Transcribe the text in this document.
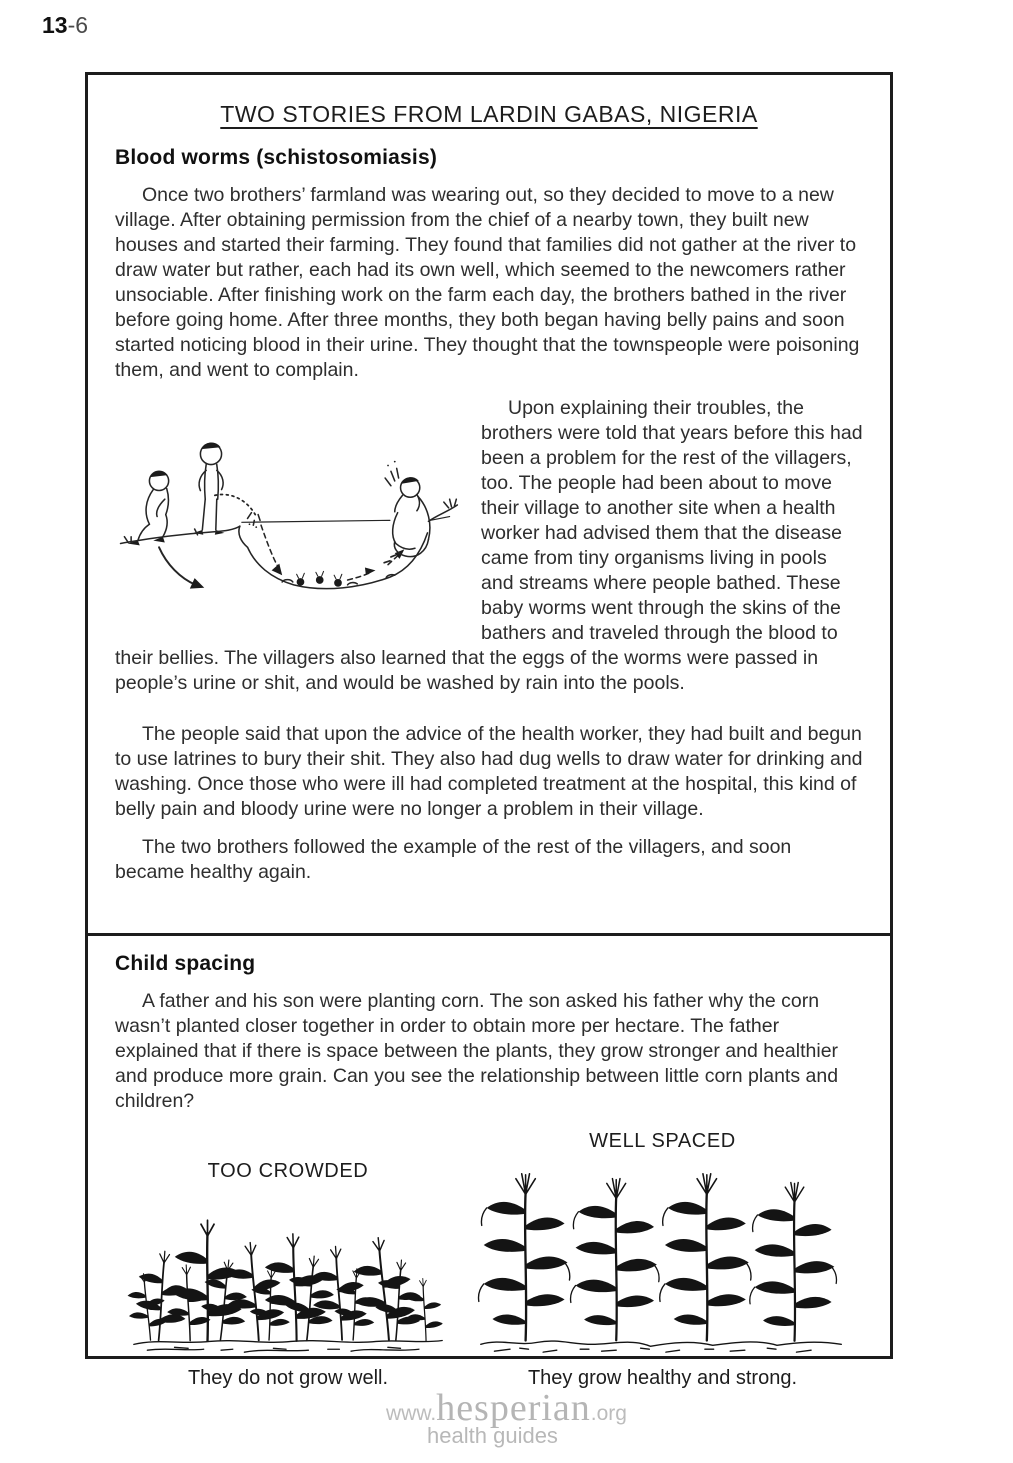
13-6
TWO STORIES FROM LARDIN GABAS, NIGERIA
Blood worms (schistosomiasis)

Once two brothers’ farmland was wearing out, so they decided to move to a new village. After obtaining permission from the chief of a nearby town, they built new houses and started their farming. They found that families did not gather at the river to draw water but rather, each had its own well, which seemed to the newcomers rather unsociable. After finishing work on the farm each day, the brothers bathed in the river before going home. After three months, they both began having belly pains and soon started noticing blood in their urine. They thought that the townspeople were poisoning them, and went to complain.

Upon explaining their troubles, the brothers were told that years before this had been a problem for the rest of the villagers, too. The people had been about to move their village to another site when a health worker had advised them that the disease came from tiny organisms living in pools and streams where people bathed. These baby worms went through the skins of the bathers and traveled through the blood to their bellies. The villagers also learned that the eggs of the worms were passed in people’s urine or shit, and would be washed by rain into the pools.

The people said that upon the advice of the health worker, they had built and begun to use latrines to bury their shit. They also had dug wells to draw water for drinking and washing. Once those who were ill had completed treatment at the hospital, this kind of belly pain and bloody urine were no longer a problem in their village.

The two brothers followed the example of the rest of the villagers, and soon became healthy again.

Child spacing

A father and his son were planting corn. The son asked his father why the corn wasn’t planted closer together in order to obtain more per hectare. The father explained that if there is space between the plants, they grow stronger and healthier and produce more grain. Can you see the relationship between little corn plants and children?

TOO CROWDED
They do not grow well.
WELL SPACED
They grow healthy and strong.
www.hesperian.org
health guides
